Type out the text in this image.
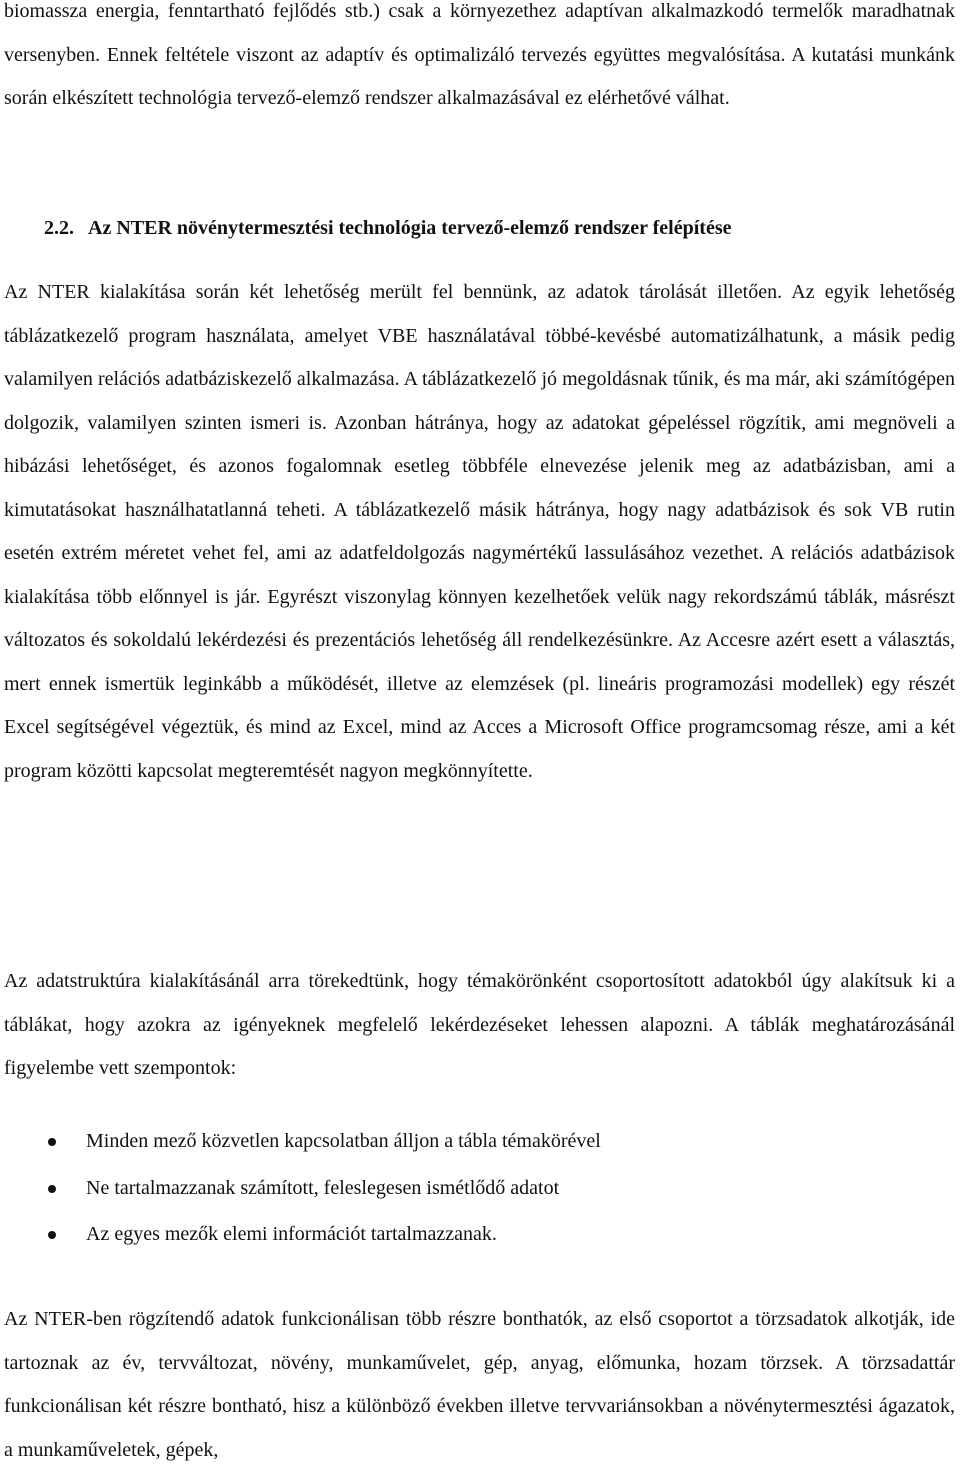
biomassza energia, fenntartható fejlődés stb.) csak a környezethez adaptívan alkalmazkodó termelők maradhatnak versenyben. Ennek feltétele viszont az adaptív és optimalizáló tervezés együttes megvalósítása. A kutatási munkánk során elkészített technológia tervező-elemző rendszer alkalmazásával ez elérhetővé válhat.

2.2. Az NTER növénytermesztési technológia tervező-elemző rendszer felépítése

Az NTER kialakítása során két lehetőség merült fel bennünk, az adatok tárolását illetően. Az egyik lehetőség táblázatkezelő program használata, amelyet VBE használatával többé-kevésbé automatizálhatunk, a másik pedig valamilyen relációs adatbáziskezelő alkalmazása. A táblázatkezelő jó megoldásnak tűnik, és ma már, aki számítógépen dolgozik, valamilyen szinten ismeri is. Azonban hátránya, hogy az adatokat gépeléssel rögzítik, ami megnöveli a hibázási lehetőséget, és azonos fogalomnak esetleg többféle elnevezése jelenik meg az adatbázisban, ami a kimutatásokat használhatatlanná teheti. A táblázatkezelő másik hátránya, hogy nagy adatbázisok és sok VB rutin esetén extrém méretet vehet fel, ami az adatfeldolgozás nagymértékű lassulásához vezethet. A relációs adatbázisok kialakítása több előnnyel is jár. Egyrészt viszonylag könnyen kezelhetőek velük nagy rekordszámú táblák, másrészt változatos és sokoldalú lekérdezési és prezentációs lehetőség áll rendelkezésünkre. Az Accesre azért esett a választás, mert ennek ismertük leginkább a működését, illetve az elemzések (pl. lineáris programozási modellek) egy részét Excel segítségével végeztük, és mind az Excel, mind az Acces a Microsoft Office programcsomag része, ami a két program közötti kapcsolat megteremtését nagyon megkönnyítette.

Az adatstruktúra kialakításánál arra törekedtünk, hogy témakörönként csoportosított adatokból úgy alakítsuk ki a táblákat, hogy azokra az igényeknek megfelelő lekérdezéseket lehessen alapozni. A táblák meghatározásánál figyelembe vett szempontok:

Minden mező közvetlen kapcsolatban álljon a tábla témakörével
Ne tartalmazzanak számított, feleslegesen ismétlődő adatot
Az egyes mezők elemi információt tartalmazzanak.

Az NTER-ben rögzítendő adatok funkcionálisan több részre bonthatók, az első csoportot a törzsadatok alkotják, ide tartoznak az év, tervváltozat, növény, munkaművelet, gép, anyag, előmunka, hozam törzsek. A törzsadattár funkcionálisan két részre bontható, hisz a különböző években illetve tervvariánsokban a növénytermesztési ágazatok, a munkaműveletek, gépek,
